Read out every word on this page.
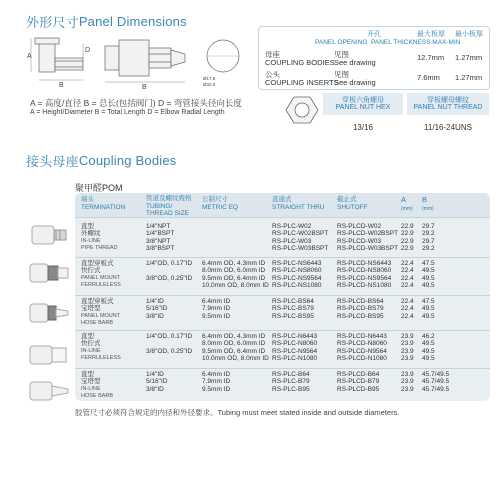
外形尺寸 Panel Dimensions
A
B
D
B
Ø17.5
Ø32.0
A = 高度/直径 B = 总长(包括阀门) D = 弯管接头径向长度
A = Height/Diameter B = Total Length D = Elbow Radial Length
开孔	最大板厚 最小板厚
PANEL OPENING PANEL THICKNESS MAX-MIN
母座
COUPLING BODIES
见图
See drawing
12.7mm 1.27mm
公头
COUPLING INSERTS
见图
See drawing
7.6mm 1.27mm
穿板六角螺母
PANEL NUT HEX
穿板螺母螺纹
PANEL NUT THREAD
13/16	11/16-24UNS
接头母座 Coupling Bodies
聚甲醛POM
端头
TERMINATION
管道及螺纹规格
TUBING/
THREAD SIZE
公制尺寸
METRIC EQ
直通式
STRAIGHT THRU
截止式
SHUTOFF
A
(mm)
B
(mm)
直型
外螺纹
IN-LINE
PIPE THREAD
1/4"NPT
1/4"BSPT
3/8"NPT
3/8"BSPT
RS-PLC-W02
RS-PLC-W02BSPT
RS-PLC-W03
RS-PLC-W03BSPT
RS-PLCD-W02
RS-PLCD-W02BSPT
RS-PLCD-W03
RS-PLCD-W03BSPT
22.9
22.9
22.9
22.9
29.7
29.2
29.7
29.2
直型穿板式
快拧式
PANEL MOUNT
FERRULELESS
1/4"OD, 0.17"ID

3/8"OD, 0.25"ID

6.4mm OD, 4.3mm ID
8.0mm OD, 6.0mm ID
9.5mm OD, 6.4mm ID
10.0mm OD, 8.0mm ID
RS-PLC-NS6443
RS-PLC-NS8060
RS-PLC-NS9564
RS-PLC-NS1080
RS-PLCD-NS6443
RS-PLCD-NS8060
RS-PLCD-NS9564
RS-PLCD-NS1080
22.4
22.4
22.4
22.4
47.5
49.5
49.5
49.5
直型穿板式
宝塔型
PANEL MOUNT
HOSE BARB
1/4"ID
5/16"ID
3/8"ID
6.4mm ID
7.9mm ID
9.5mm ID
RS-PLC-BS64
RS-PLC-BS79
RS-PLC-BS95
RS-PLCD-BS64
RS-PLCD-BS79
RS-PLCD-BS95
22.4
22.4
22.4
47.5
49.5
49.5
直型
快拧式
IN-LINE
FERRULELESS
1/4"OD, 0.17"ID

3/8"OD, 0.25"ID

6.4mm OD, 4.3mm ID
8.0mm OD, 6.0mm ID
9.5mm OD, 6.4mm ID
10.0mm OD, 8.0mm ID
RS-PLC-N6443
RS-PLC-N8060
RS-PLC-N9564
RS-PLC-N1080
RS-PLCD-N6443
RS-PLCD-N8060
RS-PLCD-N9564
RS-PLCD-N1080
23.9
23.9
23.9
23.9
46.2
49.5
49.5
49.5
直型
宝塔型
IN-LINE
HOSE BARB
1/4"ID
5/16"ID
3/8"ID
6.4mm ID
7.9mm ID
9.5mm ID
RS-PLC-B64
RS-PLC-B79
RS-PLC-B95
RS-PLCD-B64
RS-PLCD-B79
RS-PLCD-B95
23.9
23.9
23.9
45.7/49.5
45.7/49.5
45.7/49.5
胶管尺寸必须符合规定的内径和外径要求。Tubing must meet stated inside and outside diameters.
